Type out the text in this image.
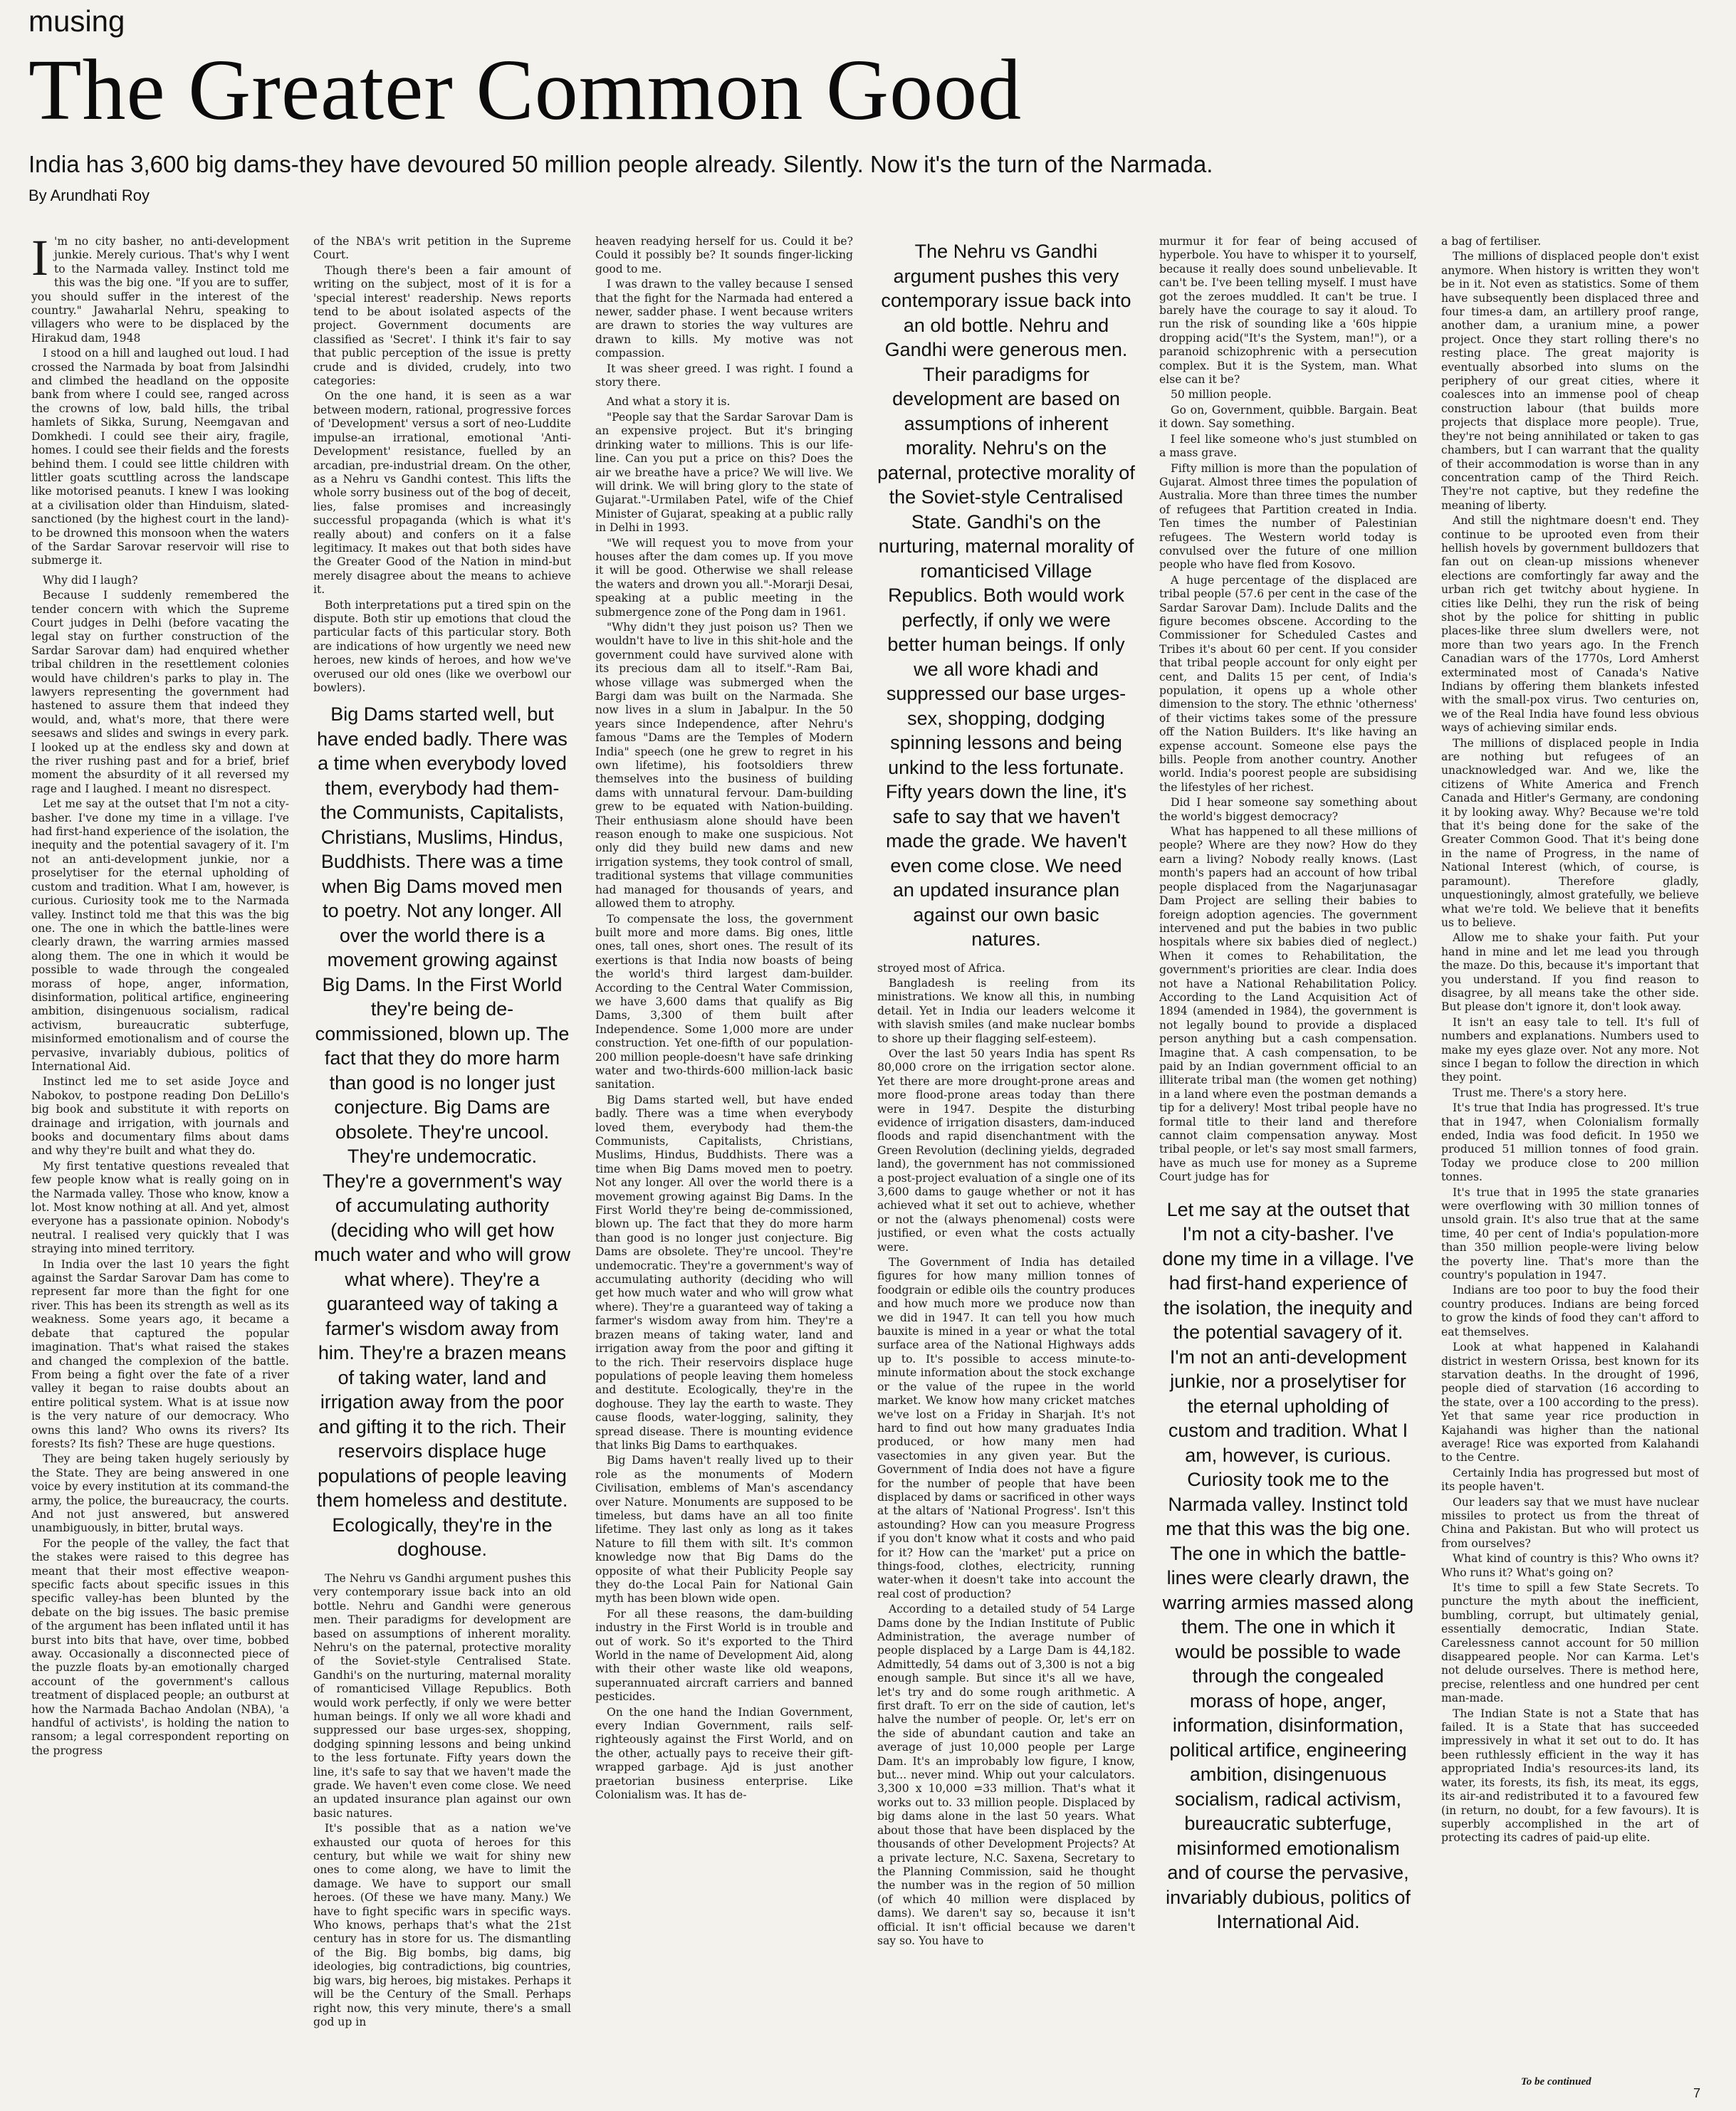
musing
The Greater Common Good
India has 3,600 big dams-they have devoured 50 million people already. Silently. Now it's the turn of the Narmada.
By Arundhati Roy

I 'm no city basher, no anti-development junkie. Merely curious. That's why I went to the Narmada valley. Instinct told me this was the big one. "If you are to suffer, you should suffer in the interest of the country." Jawaharlal Nehru, speaking to villagers who were to be displaced by the Hirakud dam, 1948

I stood on a hill and laughed out loud. I had crossed the Narmada by boat from Jalsindhi and climbed the headland on the opposite bank from where I could see, ranged across the crowns of low, bald hills, the tribal hamlets of Sikka, Surung, Neemgavan and Domkhedi. I could see their airy, fragile, homes. I could see their fields and the forests behind them. I could see little children with littler goats scuttling across the landscape like motorised peanuts. I knew I was looking at a civilisation older than Hinduism, slated-sanctioned (by the highest court in the land)-to be drowned this monsoon when the waters of the Sardar Sarovar reservoir will rise to submerge it.

Why did I laugh?

Because I suddenly remembered the tender concern with which the Supreme Court judges in Delhi (before vacating the legal stay on further construction of the Sardar Sarovar dam) had enquired whether tribal children in the resettlement colonies would have children's parks to play in. The lawyers representing the government had hastened to assure them that indeed they would, and, what's more, that there were seesaws and slides and swings in every park. I looked up at the endless sky and down at the river rushing past and for a brief, brief moment the absurdity of it all reversed my rage and I laughed. I meant no disrespect.

Let me say at the outset that I'm not a city-basher. I've done my time in a village. I've had first-hand experience of the isolation, the inequity and the potential savagery of it. I'm not an anti-development junkie, nor a proselytiser for the eternal upholding of custom and tradition. What I am, however, is curious. Curiosity took me to the Narmada valley. Instinct told me that this was the big one. The one in which the battle-lines were clearly drawn, the warring armies massed along them. The one in which it would be possible to wade through the congealed morass of hope, anger, information, disinformation, political artifice, engineering ambition, disingenuous socialism, radical activism, bureaucratic subterfuge, misinformed emotionalism and of course the pervasive, invariably dubious, politics of International Aid.

Instinct led me to set aside Joyce and Nabokov, to postpone reading Don DeLillo's big book and substitute it with reports on drainage and irrigation, with journals and books and documentary films about dams and why they're built and what they do.

My first tentative questions revealed that few people know what is really going on in the Narmada valley. Those who know, know a lot. Most know nothing at all. And yet, almost everyone has a passionate opinion. Nobody's neutral. I realised very quickly that I was straying into mined territory.

In India over the last 10 years the fight against the Sardar Sarovar Dam has come to represent far more than the fight for one river. This has been its strength as well as its weakness. Some years ago, it became a debate that captured the popular imagination. That's what raised the stakes and changed the complexion of the battle. From being a fight over the fate of a river valley it began to raise doubts about an entire political system. What is at issue now is the very nature of our democracy. Who owns this land? Who owns its rivers? Its forests? Its fish? These are huge questions.

They are being taken hugely seriously by the State. They are being answered in one voice by every institution at its command-the army, the police, the bureaucracy, the courts. And not just answered, but answered unambiguously, in bitter, brutal ways.

For the people of the valley, the fact that the stakes were raised to this degree has meant that their most effective weapon-specific facts about specific issues in this specific valley-has been blunted by the debate on the big issues. The basic premise of the argument has been inflated until it has burst into bits that have, over time, bobbed away. Occasionally a disconnected piece of the puzzle floats by-an emotionally charged account of the government's callous treatment of displaced people; an outburst at how the Narmada Bachao Andolan (NBA), 'a handful of activists', is holding the nation to ransom; a legal correspondent reporting on the progress

of the NBA's writ petition in the Supreme Court.

Though there's been a fair amount of writing on the subject, most of it is for a 'special interest' readership. News reports tend to be about isolated aspects of the project. Government documents are classified as 'Secret'. I think it's fair to say that public perception of the issue is pretty crude and is divided, crudely, into two categories:

On the one hand, it is seen as a war between modern, rational, progressive forces of 'Development' versus a sort of neo-Luddite impulse-an irrational, emotional 'Anti-Development' resistance, fuelled by an arcadian, pre-industrial dream. On the other, as a Nehru vs Gandhi contest. This lifts the whole sorry business out of the bog of deceit, lies, false promises and increasingly successful propaganda (which is what it's really about) and confers on it a false legitimacy. It makes out that both sides have the Greater Good of the Nation in mind-but merely disagree about the means to achieve it.

Both interpretations put a tired spin on the dispute. Both stir up emotions that cloud the particular facts of this particular story. Both are indications of how urgently we need new heroes, new kinds of heroes, and how we've overused our old ones (like we overbowl our bowlers).

Big Dams started well, but have ended badly. There was a time when everybody loved them, everybody had them-the Communists, Capitalists, Christians, Muslims, Hindus, Buddhists. There was a time when Big Dams moved men to poetry. Not any longer. All over the world there is a movement growing against Big Dams. In the First World they're being de-commissioned, blown up. The fact that they do more harm than good is no longer just conjecture. Big Dams are obsolete. They're uncool. They're undemocratic. They're a government's way of accumulating authority (deciding who will get how much water and who will grow what where). They're a guaranteed way of taking a farmer's wisdom away from him. They're a brazen means of taking water, land and irrigation away from the poor and gifting it to the rich. Their reservoirs displace huge populations of people leaving them homeless and destitute. Ecologically, they're in the doghouse.

The Nehru vs Gandhi argument pushes this very contemporary issue back into an old bottle. Nehru and Gandhi were generous men. Their paradigms for development are based on assumptions of inherent morality. Nehru's on the paternal, protective morality of the Soviet-style Centralised State. Gandhi's on the nurturing, maternal morality of romanticised Village Republics. Both would work perfectly, if only we were better human beings. If only we all wore khadi and suppressed our base urges-sex, shopping, dodging spinning lessons and being unkind to the less fortunate. Fifty years down the line, it's safe to say that we haven't made the grade. We haven't even come close. We need an updated insurance plan against our own basic natures.

It's possible that as a nation we've exhausted our quota of heroes for this century, but while we wait for shiny new ones to come along, we have to limit the damage. We have to support our small heroes. (Of these we have many. Many.) We have to fight specific wars in specific ways. Who knows, perhaps that's what the 21st century has in store for us. The dismantling of the Big. Big bombs, big dams, big ideologies, big contradictions, big countries, big wars, big heroes, big mistakes. Perhaps it will be the Century of the Small. Perhaps right now, this very minute, there's a small god up in

heaven readying herself for us. Could it be? Could it possibly be? It sounds finger-licking good to me.

I was drawn to the valley because I sensed that the fight for the Narmada had entered a newer, sadder phase. I went because writers are drawn to stories the way vultures are drawn to kills. My motive was not compassion.

It was sheer greed. I was right. I found a story there.

And what a story it is.

"People say that the Sardar Sarovar Dam is an expensive project. But it's bringing drinking water to millions. This is our life-line. Can you put a price on this? Does the air we breathe have a price? We will live. We will drink. We will bring glory to the state of Gujarat."-Urmilaben Patel, wife of the Chief Minister of Gujarat, speaking at a public rally in Delhi in 1993.

"We will request you to move from your houses after the dam comes up. If you move it will be good. Otherwise we shall release the waters and drown you all."-Morarji Desai, speaking at a public meeting in the submergence zone of the Pong dam in 1961.

"Why didn't they just poison us? Then we wouldn't have to live in this shit-hole and the government could have survived alone with its precious dam all to itself."-Ram Bai, whose village was submerged when the Bargi dam was built on the Narmada. She now lives in a slum in Jabalpur. In the 50 years since Independence, after Nehru's famous "Dams are the Temples of Modern India" speech (one he grew to regret in his own lifetime), his footsoldiers threw themselves into the business of building dams with unnatural fervour. Dam-building grew to be equated with Nation-building. Their enthusiasm alone should have been reason enough to make one suspicious. Not only did they build new dams and new irrigation systems, they took control of small, traditional systems that village communities had managed for thousands of years, and allowed them to atrophy.

To compensate the loss, the government built more and more dams. Big ones, little ones, tall ones, short ones. The result of its exertions is that India now boasts of being the world's third largest dam-builder. According to the Central Water Commission, we have 3,600 dams that qualify as Big Dams, 3,300 of them built after Independence. Some 1,000 more are under construction. Yet one-fifth of our population-200 million people-doesn't have safe drinking water and two-thirds-600 million-lack basic sanitation.

Big Dams started well, but have ended badly. There was a time when everybody loved them, everybody had them-the Communists, Capitalists, Christians, Muslims, Hindus, Buddhists. There was a time when Big Dams moved men to poetry. Not any longer. All over the world there is a movement growing against Big Dams. In the First World they're being de-commissioned, blown up. The fact that they do more harm than good is no longer just conjecture. Big Dams are obsolete. They're uncool. They're undemocratic. They're a government's way of accumulating authority (deciding who will get how much water and who will grow what where). They're a guaranteed way of taking a farmer's wisdom away from him. They're a brazen means of taking water, land and irrigation away from the poor and gifting it to the rich. Their reservoirs displace huge populations of people leaving them homeless and destitute. Ecologically, they're in the doghouse. They lay the earth to waste. They cause floods, water-logging, salinity, they spread disease. There is mounting evidence that links Big Dams to earthquakes.

Big Dams haven't really lived up to their role as the monuments of Modern Civilisation, emblems of Man's ascendancy over Nature. Monuments are supposed to be timeless, but dams have an all too finite lifetime. They last only as long as it takes Nature to fill them with silt. It's common knowledge now that Big Dams do the opposite of what their Publicity People say they do-the Local Pain for National Gain myth has been blown wide open.

For all these reasons, the dam-building industry in the First World is in trouble and out of work. So it's exported to the Third World in the name of Development Aid, along with their other waste like old weapons, superannuated aircraft carriers and banned pesticides.

On the one hand the Indian Government, every Indian Government, rails self-righteously against the First World, and on the other, actually pays to receive their gift-wrapped garbage. Ajd is just another praetorian business enterprise. Like Colonialism was. It has de-

The Nehru vs Gandhi argument pushes this very contemporary issue back into an old bottle. Nehru and Gandhi were generous men. Their paradigms for development are based on assumptions of inherent morality. Nehru's on the paternal, protective morality of the Soviet-style Centralised State. Gandhi's on the nurturing, maternal morality of romanticised Village Republics. Both would work perfectly, if only we were better human beings. If only we all wore khadi and suppressed our base urges-sex, shopping, dodging spinning lessons and being unkind to the less fortunate. Fifty years down the line, it's safe to say that we haven't made the grade. We haven't even come close. We need an updated insurance plan against our own basic natures.

stroyed most of Africa.

Bangladesh is reeling from its ministrations. We know all this, in numbing detail. Yet in India our leaders welcome it with slavish smiles (and make nuclear bombs to shore up their flagging self-esteem).

Over the last 50 years India has spent Rs 80,000 crore on the irrigation sector alone. Yet there are more drought-prone areas and more flood-prone areas today than there were in 1947. Despite the disturbing evidence of irrigation disasters, dam-induced floods and rapid disenchantment with the Green Revolution (declining yields, degraded land), the government has not commissioned a post-project evaluation of a single one of its 3,600 dams to gauge whether or not it has achieved what it set out to achieve, whether or not the (always phenomenal) costs were justified, or even what the costs actually were.

The Government of India has detailed figures for how many million tonnes of foodgrain or edible oils the country produces and how much more we produce now than we did in 1947. It can tell you how much bauxite is mined in a year or what the total surface area of the National Highways adds up to. It's possible to access minute-to-minute information about the stock exchange or the value of the rupee in the world market. We know how many cricket matches we've lost on a Friday in Sharjah. It's not hard to find out how many graduates India produced, or how many men had vasectomies in any given year. But the Government of India does not have a figure for the number of people that have been displaced by dams or sacrificed in other ways at the altars of 'National Progress'. Isn't this astounding? How can you measure Progress if you don't know what it costs and who paid for it? How can the 'market' put a price on things-food, clothes, electricity, running water-when it doesn't take into account the real cost of production?

According to a detailed study of 54 Large Dams done by the Indian Institute of Public Administration, the average number of people displaced by a Large Dam is 44,182. Admittedly, 54 dams out of 3,300 is not a big enough sample. But since it's all we have, let's try and do some rough arithmetic. A first draft. To err on the side of caution, let's halve the number of people. Or, let's err on the side of abundant caution and take an average of just 10,000 people per Large Dam. It's an improbably low figure, I know, but... never mind. Whip out your calculators. 3,300 x 10,000 =33 million. That's what it works out to. 33 million people. Displaced by big dams alone in the last 50 years. What about those that have been displaced by the thousands of other Development Projects? At a private lecture, N.C. Saxena, Secretary to the Planning Commission, said he thought the number was in the region of 50 million (of which 40 million were displaced by dams). We daren't say so, because it isn't official. It isn't official because we daren't say so. You have to

murmur it for fear of being accused of hyperbole. You have to whisper it to yourself, because it really does sound unbelievable. It can't be. I've been telling myself. I must have got the zeroes muddled. It can't be true. I barely have the courage to say it aloud. To run the risk of sounding like a '60s hippie dropping acid("It's the System, man!"), or a paranoid schizophrenic with a persecution complex. But it is the System, man. What else can it be?

50 million people.

Go on, Government, quibble. Bargain. Beat it down. Say something.

I feel like someone who's just stumbled on a mass grave.

Fifty million is more than the population of Gujarat. Almost three times the population of Australia. More than three times the number of refugees that Partition created in India. Ten times the number of Palestinian refugees. The Western world today is convulsed over the future of one million people who have fled from Kosovo.

A huge percentage of the displaced are tribal people (57.6 per cent in the case of the Sardar Sarovar Dam). Include Dalits and the figure becomes obscene. According to the Commissioner for Scheduled Castes and Tribes it's about 60 per cent. If you consider that tribal people account for only eight per cent, and Dalits 15 per cent, of India's population, it opens up a whole other dimension to the story. The ethnic 'otherness' of their victims takes some of the pressure off the Nation Builders. It's like having an expense account. Someone else pays the bills. People from another country. Another world. India's poorest people are subsidising the lifestyles of her richest.

Did I hear someone say something about the world's biggest democracy?

What has happened to all these millions of people? Where are they now? How do they earn a living? Nobody really knows. (Last month's papers had an account of how tribal people displaced from the Nagarjunasagar Dam Project are selling their babies to foreign adoption agencies. The government intervened and put the babies in two public hospitals where six babies died of neglect.) When it comes to Rehabilitation, the government's priorities are clear. India does not have a National Rehabilitation Policy. According to the Land Acquisition Act of 1894 (amended in 1984), the government is not legally bound to provide a displaced person anything but a cash compensation. Imagine that. A cash compensation, to be paid by an Indian government official to an illiterate tribal man (the women get nothing) in a land where even the postman demands a tip for a delivery! Most tribal people have no formal title to their land and therefore cannot claim compensation anyway. Most tribal people, or let's say most small farmers, have as much use for money as a Supreme Court judge has for

Let me say at the outset that I'm not a city-basher. I've done my time in a village. I've had first-hand experience of the isolation, the inequity and the potential savagery of it. I'm not an anti-development junkie, nor a proselytiser for the eternal upholding of custom and tradition. What I am, however, is curious. Curiosity took me to the Narmada valley. Instinct told me that this was the big one. The one in which the battle-lines were clearly drawn, the warring armies massed along them. The one in which it would be possible to wade through the congealed morass of hope, anger, information, disinformation, political artifice, engineering ambition, disingenuous socialism, radical activism, bureaucratic subterfuge, misinformed emotionalism and of course the pervasive, invariably dubious, politics of International Aid.

a bag of fertiliser.

The millions of displaced people don't exist anymore. When history is written they won't be in it. Not even as statistics. Some of them have subsequently been displaced three and four times-a dam, an artillery proof range, another dam, a uranium mine, a power project. Once they start rolling there's no resting place. The great majority is eventually absorbed into slums on the periphery of our great cities, where it coalesces into an immense pool of cheap construction labour (that builds more projects that displace more people). True, they're not being annihilated or taken to gas chambers, but I can warrant that the quality of their accommodation is worse than in any concentration camp of the Third Reich. They're not captive, but they redefine the meaning of liberty.

And still the nightmare doesn't end. They continue to be uprooted even from their hellish hovels by government bulldozers that fan out on clean-up missions whenever elections are comfortingly far away and the urban rich get twitchy about hygiene. In cities like Delhi, they run the risk of being shot by the police for shitting in public places-like three slum dwellers were, not more than two years ago. In the French Canadian wars of the 1770s, Lord Amherst exterminated most of Canada's Native Indians by offering them blankets infested with the small-pox virus. Two centuries on, we of the Real India have found less obvious ways of achieving similar ends.

The millions of displaced people in India are nothing but refugees of an unacknowledged war. And we, like the citizens of White America and French Canada and Hitler's Germany, are condoning it by looking away. Why? Because we're told that it's being done for the sake of the Greater Common Good. That it's being done in the name of Progress, in the name of National Interest (which, of course, is paramount). Therefore gladly, unquestioningly, almost gratefully, we believe what we're told. We believe that it benefits us to believe.

Allow me to shake your faith. Put your hand in mine and let me lead you through the maze. Do this, because it's important that you understand. If you find reason to disagree, by all means take the other side. But please don't ignore it, don't look away.

It isn't an easy tale to tell. It's full of numbers and explanations. Numbers used to make my eyes glaze over. Not any more. Not since I began to follow the direction in which they point.

Trust me. There's a story here.

It's true that India has progressed. It's true that in 1947, when Colonialism formally ended, India was food deficit. In 1950 we produced 51 million tonnes of food grain. Today we produce close to 200 million tonnes.

It's true that in 1995 the state granaries were overflowing with 30 million tonnes of unsold grain. It's also true that at the same time, 40 per cent of India's population-more than 350 million people-were living below the poverty line. That's more than the country's population in 1947.

Indians are too poor to buy the food their country produces. Indians are being forced to grow the kinds of food they can't afford to eat themselves.

Look at what happened in Kalahandi district in western Orissa, best known for its starvation deaths. In the drought of 1996, people died of starvation (16 according to the state, over a 100 according to the press). Yet that same year rice production in Kajahandi was higher than the national average! Rice was exported from Kalahandi to the Centre.

Certainly India has progressed but most of its people haven't.

Our leaders say that we must have nuclear missiles to protect us from the threat of China and Pakistan. But who will protect us from ourselves?

What kind of country is this? Who owns it? Who runs it? What's going on?

It's time to spill a few State Secrets. To puncture the myth about the inefficient, bumbling, corrupt, but ultimately genial, essentially democratic, Indian State. Carelessness cannot account for 50 million disappeared people. Nor can Karma. Let's not delude ourselves. There is method here, precise, relentless and one hundred per cent man-made.

The Indian State is not a State that has failed. It is a State that has succeeded impressively in what it set out to do. It has been ruthlessly efficient in the way it has appropriated India's resources-its land, its water, its forests, its fish, its meat, its eggs, its air-and redistributed it to a favoured few (in return, no doubt, for a few favours). It is superbly accomplished in the art of protecting its cadres of paid-up elite.

To be continued
7
